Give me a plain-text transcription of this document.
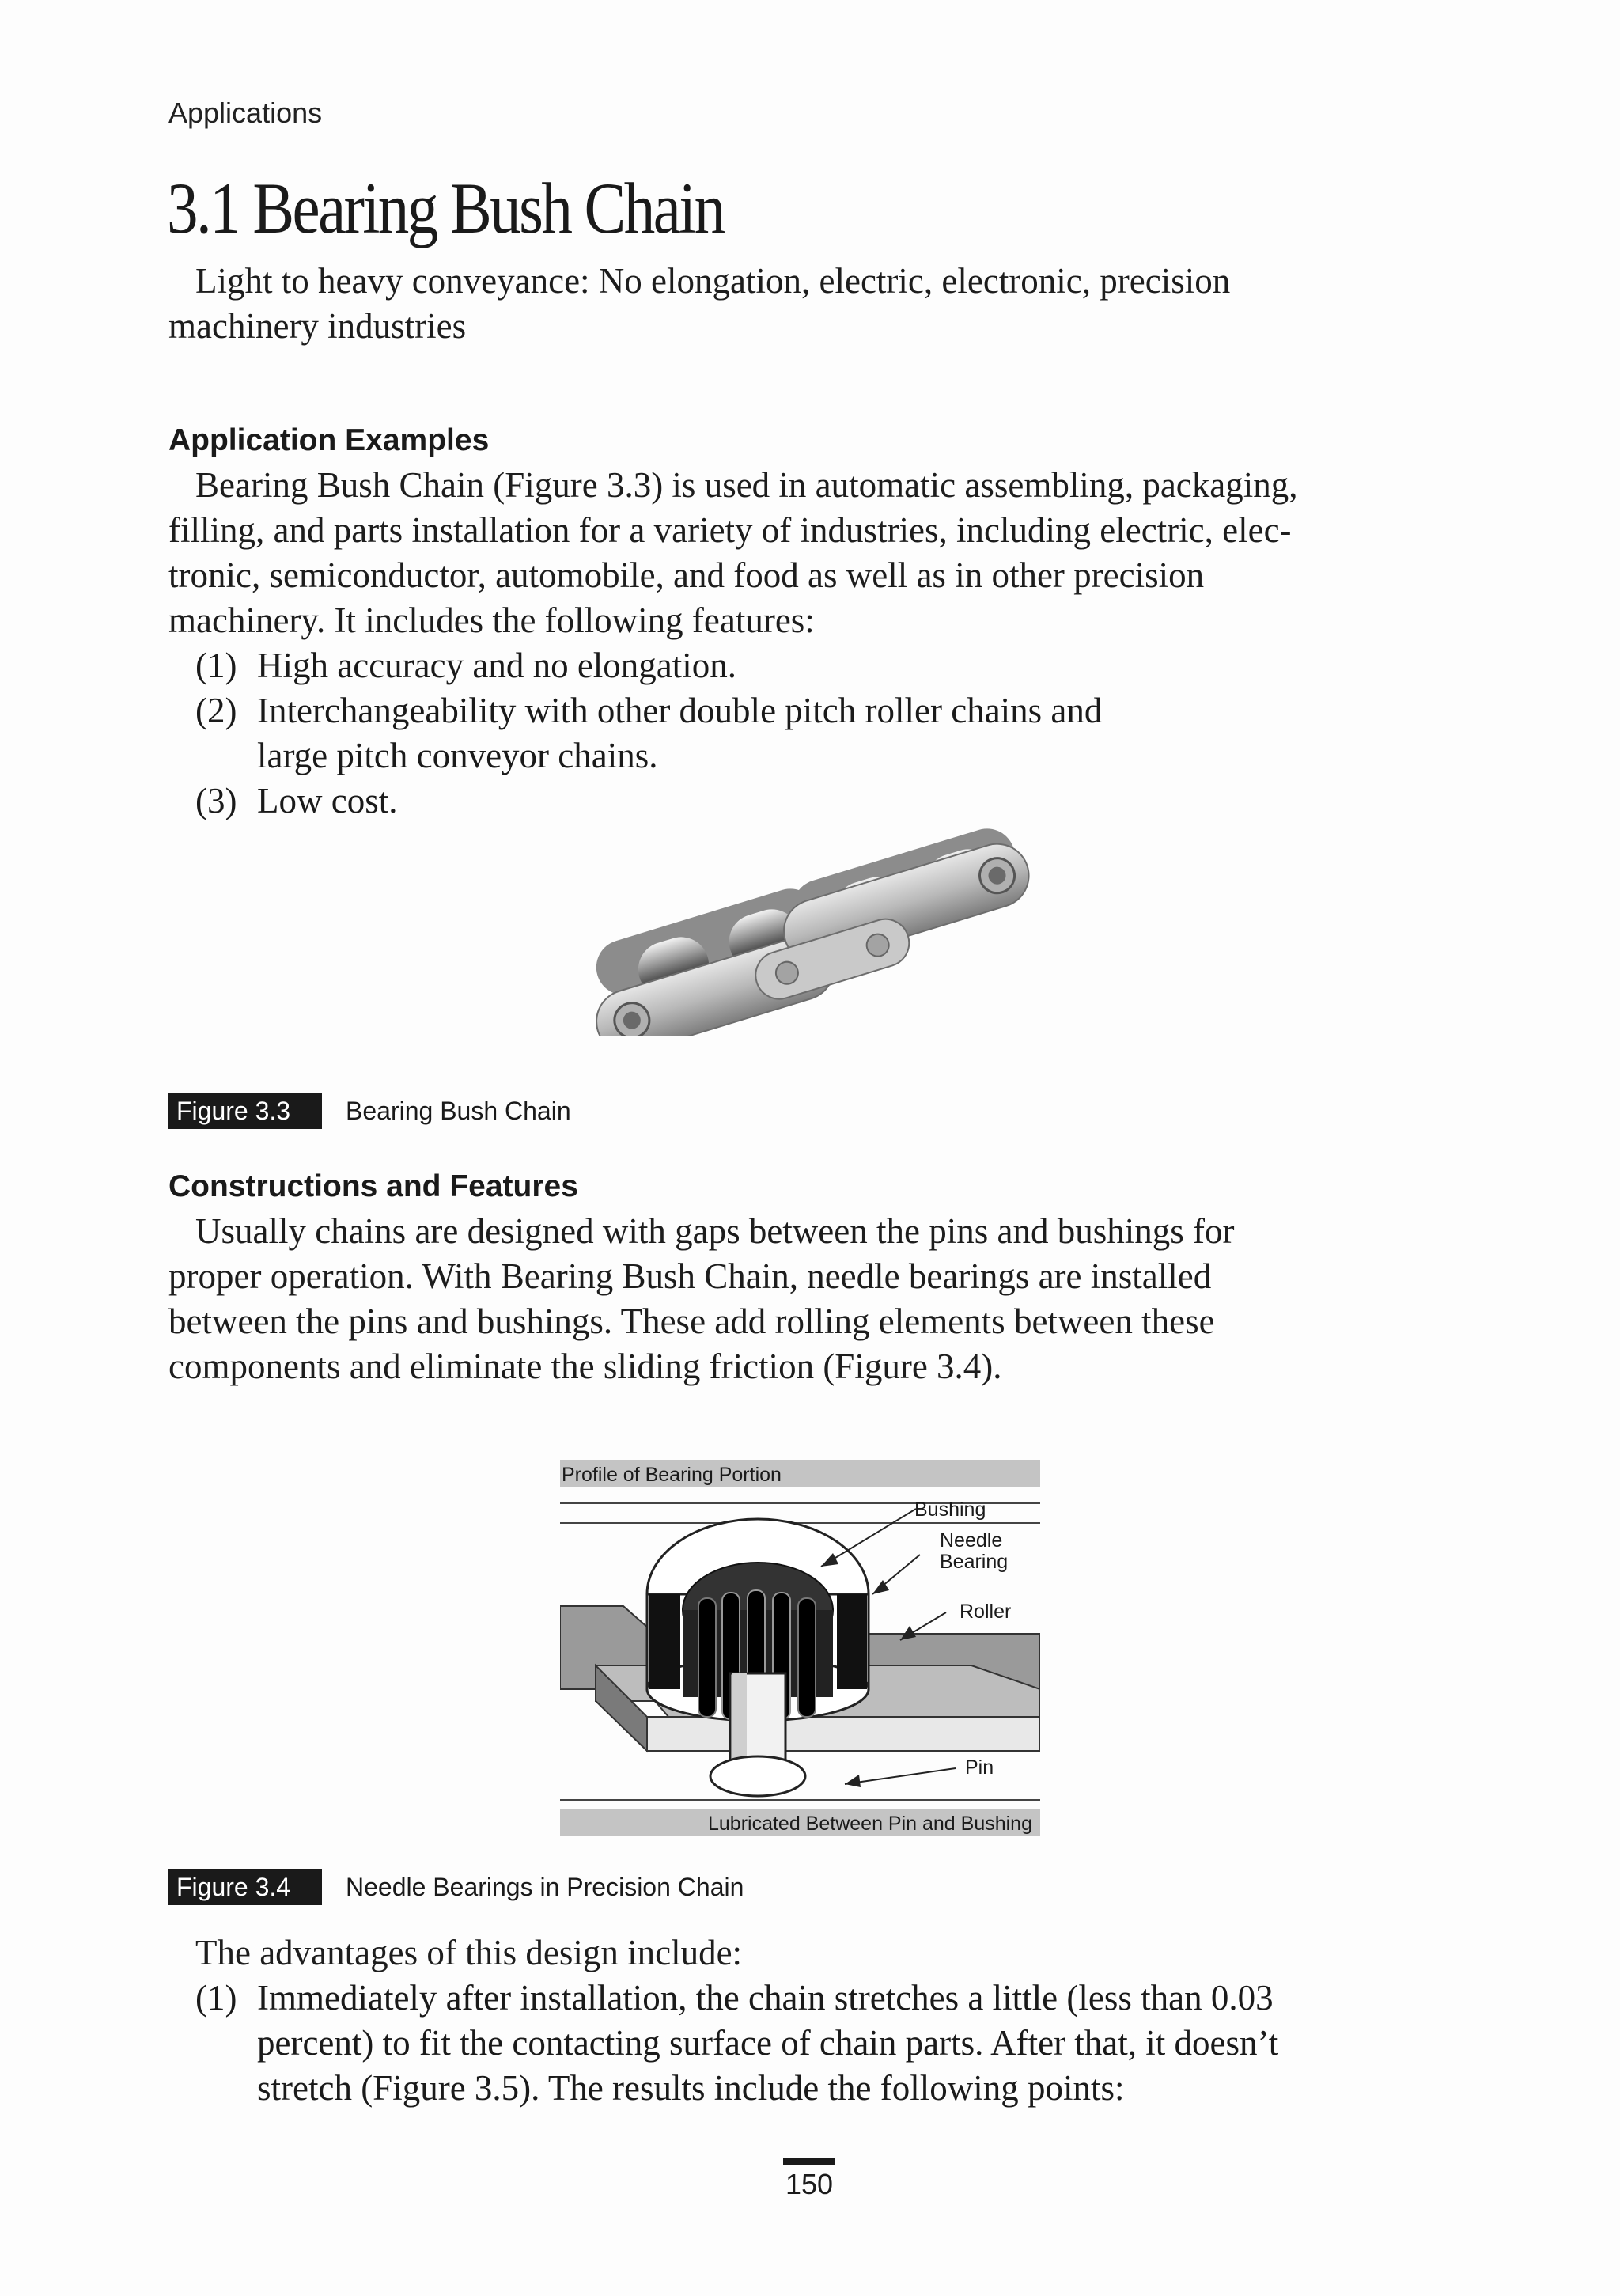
Applications
3.1 Bearing Bush Chain
Light to heavy conveyance: No elongation, electric, electronic, precision
machinery industries
Application Examples
Bearing Bush Chain (Figure 3.3) is used in automatic assembling, packaging,
filling, and parts installation for a variety of industries, including electric, elec-
tronic, semiconductor, automobile, and food as well as in other precision
machinery. It includes the following features:
(1) High accuracy and no elongation.
(2) Interchangeability with other double pitch roller chains and
large pitch conveyor chains.
(3) Low cost.
Figure 3.3	Bearing Bush Chain
Constructions and Features
Usually chains are designed with gaps between the pins and bushings for
proper operation. With Bearing Bush Chain, needle bearings are installed
between the pins and bushings. These add rolling elements between these
components and eliminate the sliding friction (Figure 3.4).
Profile of Bearing Portion
Lubricated Between Pin and Bushing
Bushing
Needle
Bearing
Roller
Pin
Figure 3.4	Needle Bearings in Precision Chain
The advantages of this design include:
(1) Immediately after installation, the chain stretches a little (less than 0.03
percent) to fit the contacting surface of chain parts. After that, it doesn’t
stretch (Figure 3.5). The results include the following points:
150
